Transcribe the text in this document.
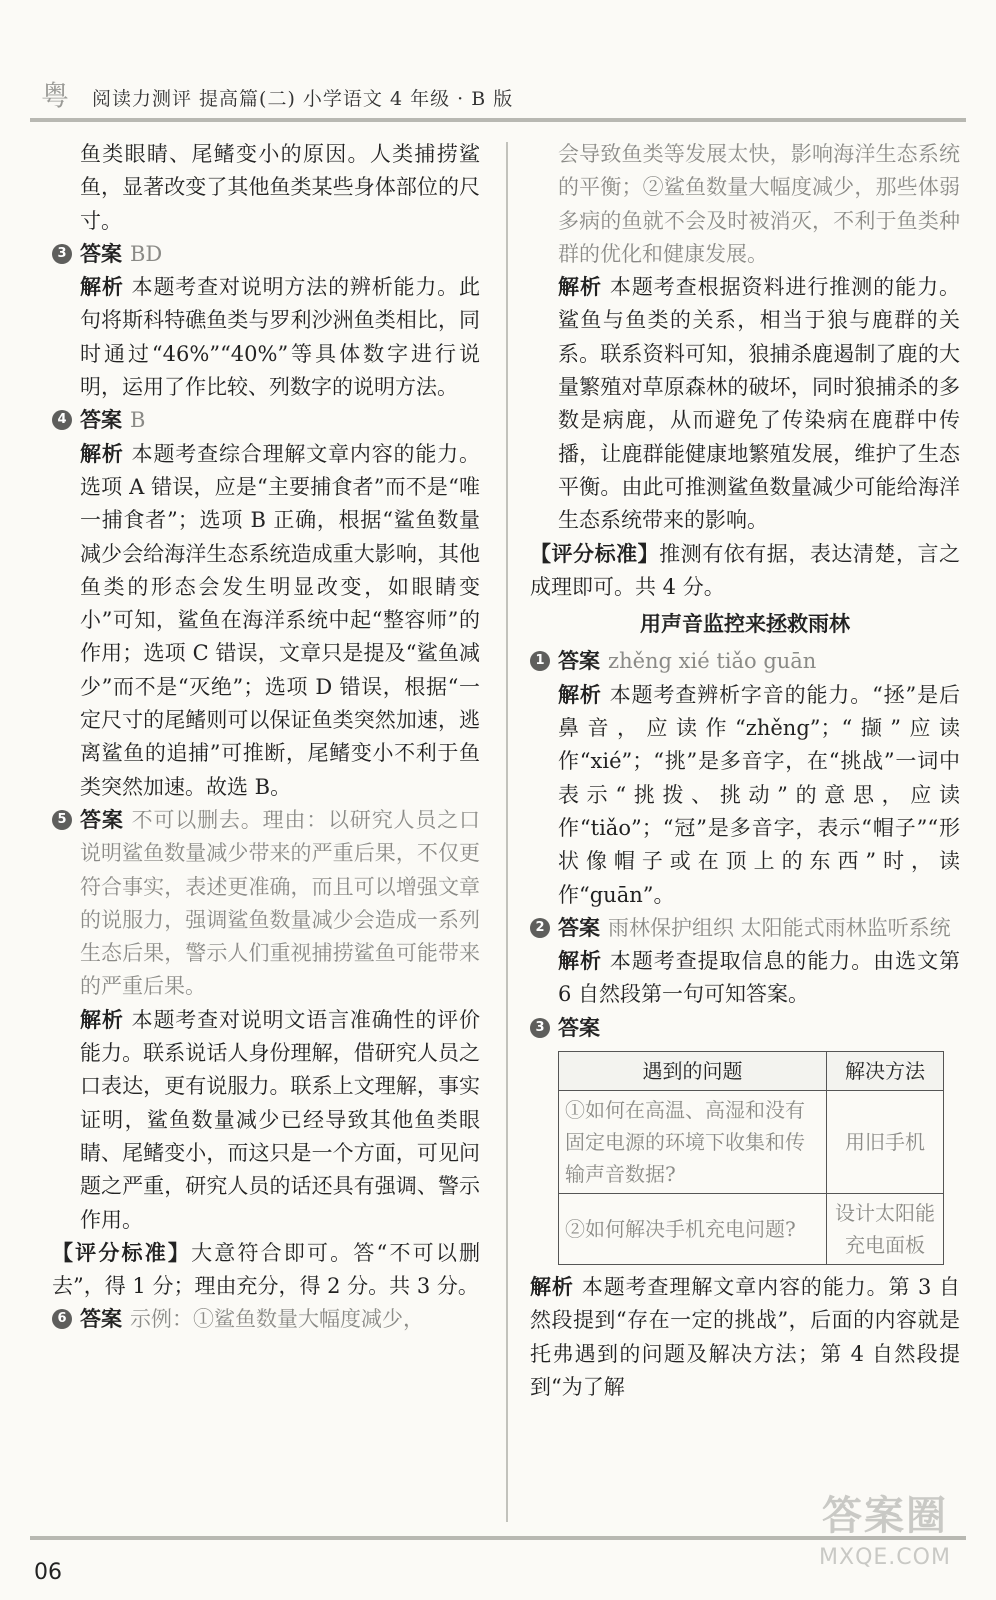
粤 阅读力测评 提高篇(二) 小学语文 4 年级 · B 版

鱼类眼睛、尾鳍变小的原因。人类捕捞鲨鱼，显著改变了其他鱼类某些身体部位的尺寸。

3 答案 BD

解析 本题考查对说明方法的辨析能力。此句将斯科特礁鱼类与罗利沙洲鱼类相比，同时通过“46%”“40%”等具体数字进行说明，运用了作比较、列数字的说明方法。

4 答案 B

解析 本题考查综合理解文章内容的能力。选项 A 错误，应是“主要捕食者”而不是“唯一捕食者”；选项 B 正确，根据“鲨鱼数量减少会给海洋生态系统造成重大影响，其他鱼类的形态会发生明显改变，如眼睛变小”可知，鲨鱼在海洋系统中起“整容师”的作用；选项 C 错误，文章只是提及“鲨鱼减少”而不是“灭绝”；选项 D 错误，根据“一定尺寸的尾鳍则可以保证鱼类突然加速，逃离鲨鱼的追捕”可推断，尾鳍变小不利于鱼类突然加速。故选 B。

5 答案 不可以删去。理由：以研究人员之口说明鲨鱼数量减少带来的严重后果，不仅更符合事实，表述更准确，而且可以增强文章的说服力，强调鲨鱼数量减少会造成一系列生态后果，警示人们重视捕捞鲨鱼可能带来的严重后果。

解析 本题考查对说明文语言准确性的评价能力。联系说话人身份理解，借研究人员之口表达，更有说服力。联系上文理解，事实证明，鲨鱼数量减少已经导致其他鱼类眼睛、尾鳍变小，而这只是一个方面，可见问题之严重，研究人员的话还具有强调、警示作用。

【评分标准】大意符合即可。答“不可以删去”，得 1 分；理由充分，得 2 分。共 3 分。

6 答案 示例：①鲨鱼数量大幅度减少，

会导致鱼类等发展太快，影响海洋生态系统的平衡；②鲨鱼数量大幅度减少，那些体弱多病的鱼就不会及时被消灭，不利于鱼类种群的优化和健康发展。

解析 本题考查根据资料进行推测的能力。鲨鱼与鱼类的关系，相当于狼与鹿群的关系。联系资料可知，狼捕杀鹿遏制了鹿的大量繁殖对草原森林的破坏，同时狼捕杀的多数是病鹿，从而避免了传染病在鹿群中传播，让鹿群能健康地繁殖发展，维护了生态平衡。由此可推测鲨鱼数量减少可能给海洋生态系统带来的影响。

【评分标准】推测有依有据，表达清楚，言之成理即可。共 4 分。

用声音监控来拯救雨林
1 答案 zhěng xié tiǎo guān

解析 本题考查辨析字音的能力。“拯”是后鼻音，应读作“zhěng”；“撷”应读作“xié”；“挑”是多音字，在“挑战”一词中表示“挑拨、挑动”的意思，应读作“tiǎo”；“冠”是多音字，表示“帽子”“形状像帽子或在顶上的东西”时，读作“guān”。

2 答案 雨林保护组织 太阳能式雨林监听系统

解析 本题考查提取信息的能力。由选文第 6 自然段第一句可知答案。

3 答案
遇到的问题	解决方法
①如何在高温、高湿和没有固定电源的环境下收集和传输声音数据?	用旧手机
②如何解决手机充电问题?	设计太阳能充电面板

解析 本题考查理解文章内容的能力。第 3 自然段提到“存在一定的挑战”，后面的内容就是托弗遇到的问题及解决方法；第 4 自然段提到“为了解

06
答案圈
MXQE.COM
